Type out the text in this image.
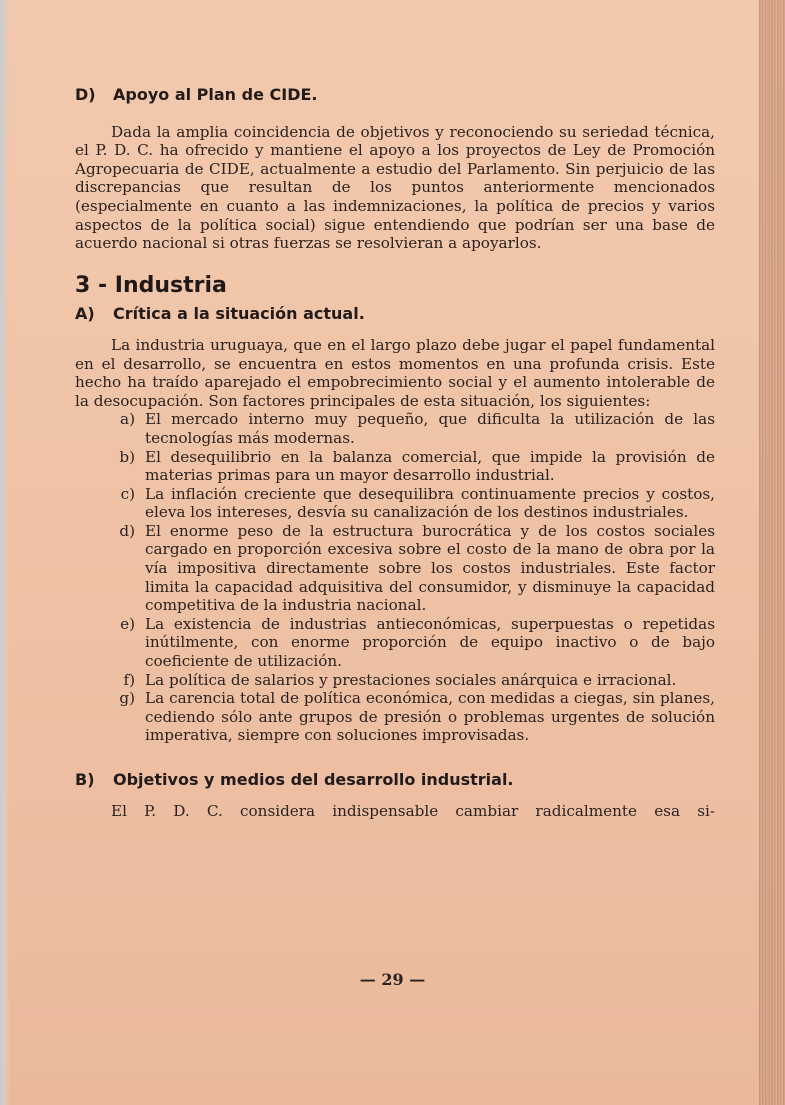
D) Apoyo al Plan de CIDE.

Dada la amplia coincidencia de objetivos y reconociendo su seriedad técnica, el P. D. C. ha ofrecido y mantiene el apoyo a los proyectos de Ley de Promoción Agropecuaria de CIDE, actualmente a estudio del Parlamento. Sin perjuicio de las discrepancias que resultan de los puntos anteriormente mencionados (especialmente en cuanto a las indemnizaciones, la política de precios y varios aspectos de la política social) sigue entendiendo que podrían ser una base de acuerdo nacional si otras fuerzas se resolvieran a apoyarlos.

3 - Industria
A) Crítica a la situación actual.

La industria uruguaya, que en el largo plazo debe jugar el papel fundamental en el desarrollo, se encuentra en estos momentos en una profunda crisis. Este hecho ha traído aparejado el empobrecimiento social y el aumento intolerable de la desocupación. Son factores principales de esta situación, los siguientes:

a) El mercado interno muy pequeño, que dificulta la utilización de las tecnologías más modernas.
b) El desequilibrio en la balanza comercial, que impide la provisión de materias primas para un mayor desarrollo industrial.
c) La inflación creciente que desequilibra continuamente precios y costos, eleva los intereses, desvía su canalización de los destinos industriales.
d) El enorme peso de la estructura burocrática y de los costos sociales cargado en proporción excesiva sobre el costo de la mano de obra por la vía impositiva directamente sobre los costos industriales. Este factor limita la capacidad adquisitiva del consumidor, y disminuye la capacidad competitiva de la industria nacional.
e) La existencia de industrias antieconómicas, superpuestas o repetidas inútilmente, con enorme proporción de equipo inactivo o de bajo coeficiente de utilización.
f) La política de salarios y prestaciones sociales anárquica e irracional.
g) La carencia total de política económica, con medidas a ciegas, sin planes, cediendo sólo ante grupos de presión o problemas urgentes de solución imperativa, siempre con soluciones improvisadas.
B) Objetivos y medios del desarrollo industrial.

El P. D. C. considera indispensable cambiar radicalmente esa si-

— 29 —
